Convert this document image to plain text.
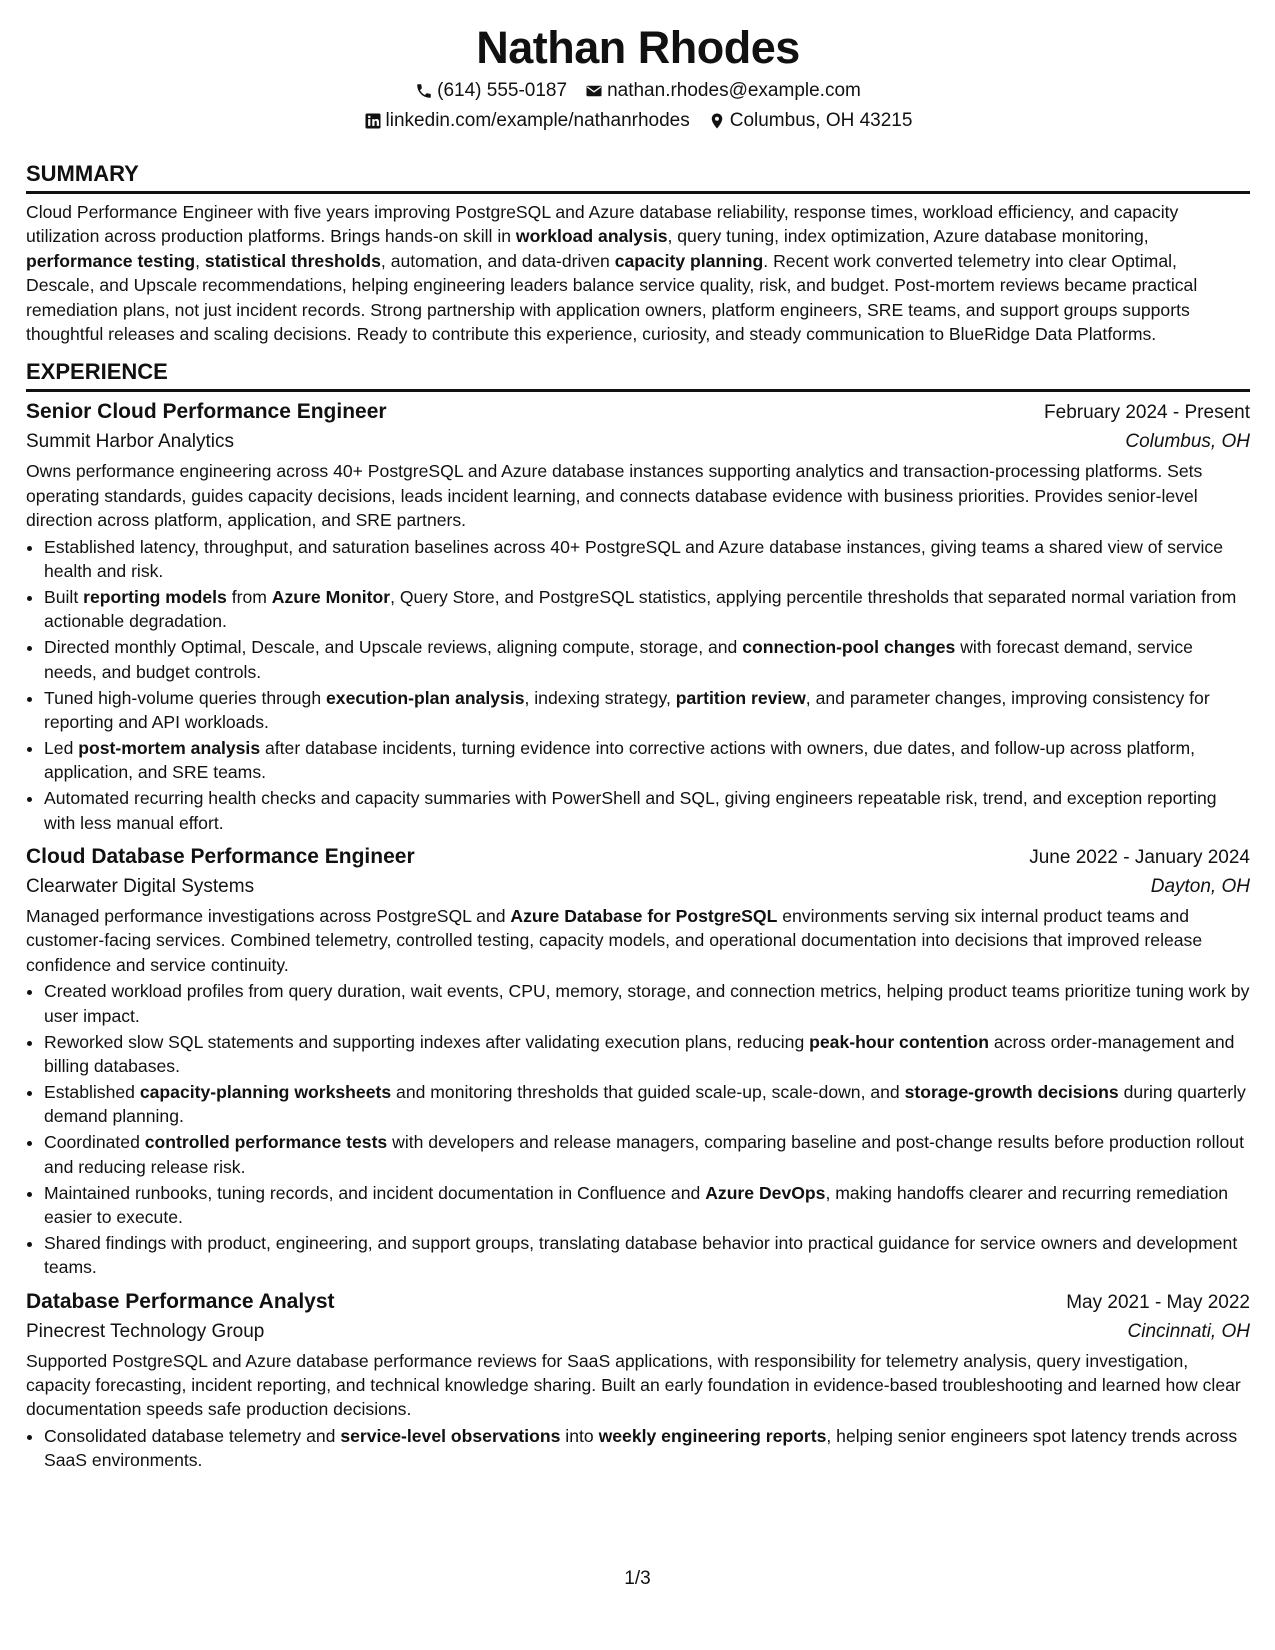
Nathan Rhodes
(614) 555-0187 nathan.rhodes@example.com
linkedin.com/example/nathanrhodes Columbus, OH 43215
SUMMARY

Cloud Performance Engineer with five years improving PostgreSQL and Azure database reliability, response times, workload efficiency, and capacity utilization across production platforms. Brings hands-on skill in workload analysis, query tuning, index optimization, Azure database monitoring, performance testing, statistical thresholds, automation, and data-driven capacity planning. Recent work converted telemetry into clear Optimal, Descale, and Upscale recommendations, helping engineering leaders balance service quality, risk, and budget. Post-mortem reviews became practical remediation plans, not just incident records. Strong partnership with application owners, platform engineers, SRE teams, and support groups supports thoughtful releases and scaling decisions. Ready to contribute this experience, curiosity, and steady communication to BlueRidge Data Platforms.

EXPERIENCE
Senior Cloud Performance Engineer	February 2024 - Present
Summit Harbor Analytics	Columbus, OH

Owns performance engineering across 40+ PostgreSQL and Azure database instances supporting analytics and transaction-processing platforms. Sets operating standards, guides capacity decisions, leads incident learning, and connects database evidence with business priorities. Provides senior-level direction across platform, application, and SRE partners.

• Established latency, throughput, and saturation baselines across 40+ PostgreSQL and Azure database instances, giving teams a shared view of service health and risk.
• Built reporting models from Azure Monitor, Query Store, and PostgreSQL statistics, applying percentile thresholds that separated normal variation from actionable degradation.
• Directed monthly Optimal, Descale, and Upscale reviews, aligning compute, storage, and connection-pool changes with forecast demand, service needs, and budget controls.
• Tuned high-volume queries through execution-plan analysis, indexing strategy, partition review, and parameter changes, improving consistency for reporting and API workloads.
• Led post-mortem analysis after database incidents, turning evidence into corrective actions with owners, due dates, and follow-up across platform, application, and SRE teams.
• Automated recurring health checks and capacity summaries with PowerShell and SQL, giving engineers repeatable risk, trend, and exception reporting with less manual effort.
Cloud Database Performance Engineer	June 2022 - January 2024
Clearwater Digital Systems	Dayton, OH

Managed performance investigations across PostgreSQL and Azure Database for PostgreSQL environments serving six internal product teams and customer-facing services. Combined telemetry, controlled testing, capacity models, and operational documentation into decisions that improved release confidence and service continuity.

• Created workload profiles from query duration, wait events, CPU, memory, storage, and connection metrics, helping product teams prioritize tuning work by user impact.
• Reworked slow SQL statements and supporting indexes after validating execution plans, reducing peak-hour contention across order-management and billing databases.
• Established capacity-planning worksheets and monitoring thresholds that guided scale-up, scale-down, and storage-growth decisions during quarterly demand planning.
• Coordinated controlled performance tests with developers and release managers, comparing baseline and post-change results before production rollout and reducing release risk.
• Maintained runbooks, tuning records, and incident documentation in Confluence and Azure DevOps, making handoffs clearer and recurring remediation easier to execute.
• Shared findings with product, engineering, and support groups, translating database behavior into practical guidance for service owners and development teams.
Database Performance Analyst	May 2021 - May 2022
Pinecrest Technology Group	Cincinnati, OH

Supported PostgreSQL and Azure database performance reviews for SaaS applications, with responsibility for telemetry analysis, query investigation, capacity forecasting, incident reporting, and technical knowledge sharing. Built an early foundation in evidence-based troubleshooting and learned how clear documentation speeds safe production decisions.

• Consolidated database telemetry and service-level observations into weekly engineering reports, helping senior engineers spot latency trends across SaaS environments.
1/3
